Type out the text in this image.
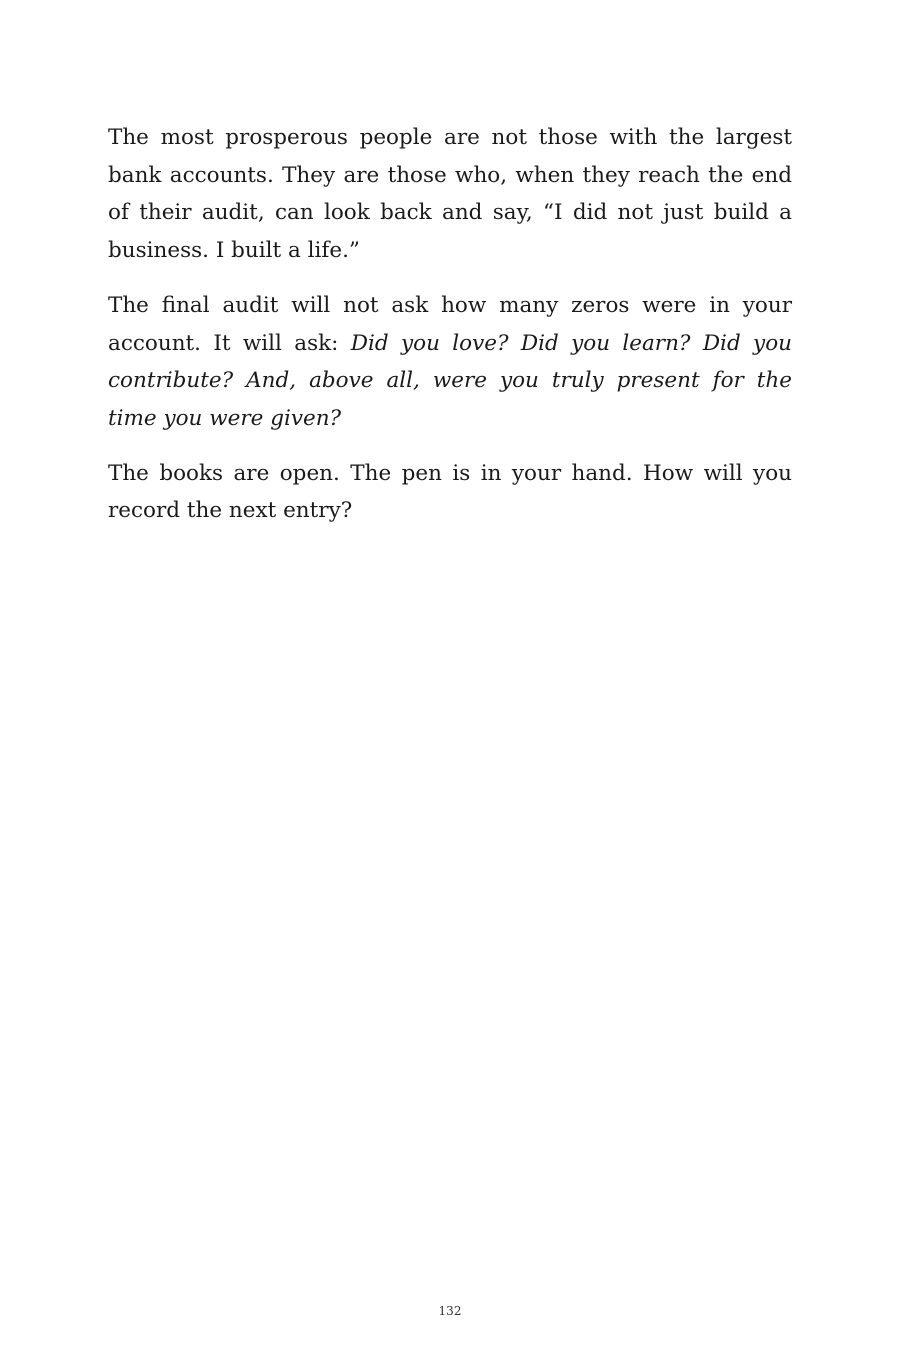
The most prosperous people are not those with the largest bank accounts. They are those who, when they reach the end of their audit, can look back and say, “I did not just build a business. I built a life.”

The final audit will not ask how many zeros were in your account. It will ask: Did you love? Did you learn? Did you contribute? And, above all, were you truly present for the time you were given?

The books are open. The pen is in your hand. How will you record the next entry?

132
